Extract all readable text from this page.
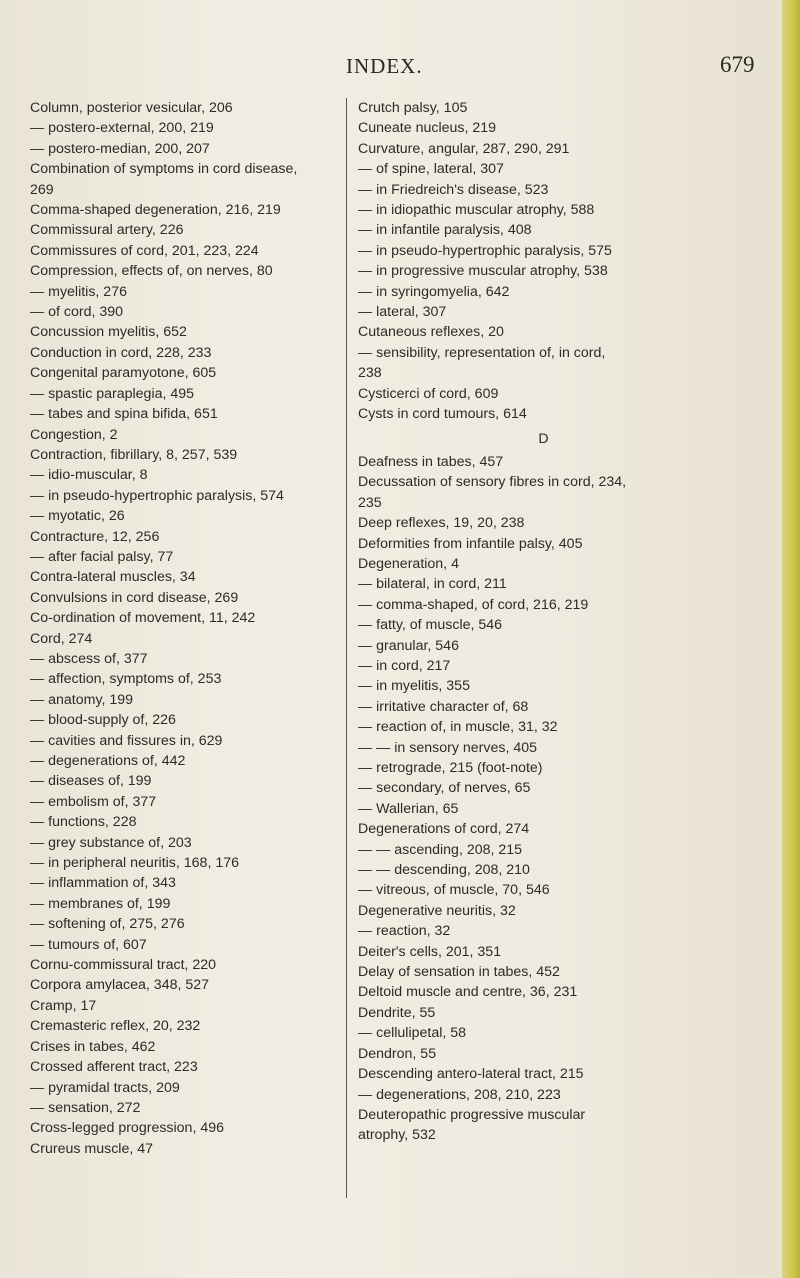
INDEX.	679
Column, posterior vesicular, 206
— postero-external, 200, 219
— postero-median, 200, 207
Combination of symptoms in cord disease,
269
Comma-shaped degeneration, 216, 219
Commissural artery, 226
Commissures of cord, 201, 223, 224
Compression, effects of, on nerves, 80
— myelitis, 276
— of cord, 390
Concussion myelitis, 652
Conduction in cord, 228, 233
Congenital paramyotone, 605
— spastic paraplegia, 495
— tabes and spina bifida, 651
Congestion, 2
Contraction, fibrillary, 8, 257, 539
— idio-muscular, 8
— in pseudo-hypertrophic paralysis, 574
— myotatic, 26
Contracture, 12, 256
— after facial palsy, 77
Contra-lateral muscles, 34
Convulsions in cord disease, 269
Co-ordination of movement, 11, 242
Cord, 274
— abscess of, 377
— affection, symptoms of, 253
— anatomy, 199
— blood-supply of, 226
— cavities and fissures in, 629
— degenerations of, 442
— diseases of, 199
— embolism of, 377
— functions, 228
— grey substance of, 203
— in peripheral neuritis, 168, 176
— inflammation of, 343
— membranes of, 199
— softening of, 275, 276
— tumours of, 607
Cornu-commissural tract, 220
Corpora amylacea, 348, 527
Cramp, 17
Cremasteric reflex, 20, 232
Crises in tabes, 462
Crossed afferent tract, 223
— pyramidal tracts, 209
— sensation, 272
Cross-legged progression, 496
Crureus muscle, 47
Crutch palsy, 105
Cuneate nucleus, 219
Curvature, angular, 287, 290, 291
— of spine, lateral, 307
— in Friedreich's disease, 523
— in idiopathic muscular atrophy, 588
— in infantile paralysis, 408
— in pseudo-hypertrophic paralysis, 575
— in progressive muscular atrophy, 538
— in syringomyelia, 642
— lateral, 307
Cutaneous reflexes, 20
— sensibility, representation of, in cord,
238
Cysticerci of cord, 609
Cysts in cord tumours, 614
D
Deafness in tabes, 457
Decussation of sensory fibres in cord, 234,
235
Deep reflexes, 19, 20, 238
Deformities from infantile palsy, 405
Degeneration, 4
— bilateral, in cord, 211
— comma-shaped, of cord, 216, 219
— fatty, of muscle, 546
— granular, 546
— in cord, 217
— in myelitis, 355
— irritative character of, 68
— reaction of, in muscle, 31, 32
— — in sensory nerves, 405
— retrograde, 215 (foot-note)
— secondary, of nerves, 65
— Wallerian, 65
Degenerations of cord, 274
— — ascending, 208, 215
— — descending, 208, 210
— vitreous, of muscle, 70, 546
Degenerative neuritis, 32
— reaction, 32
Deiter's cells, 201, 351
Delay of sensation in tabes, 452
Deltoid muscle and centre, 36, 231
Dendrite, 55
— cellulipetal, 58
Dendron, 55
Descending antero-lateral tract, 215
— degenerations, 208, 210, 223
Deuteropathic progressive muscular
atrophy, 532
